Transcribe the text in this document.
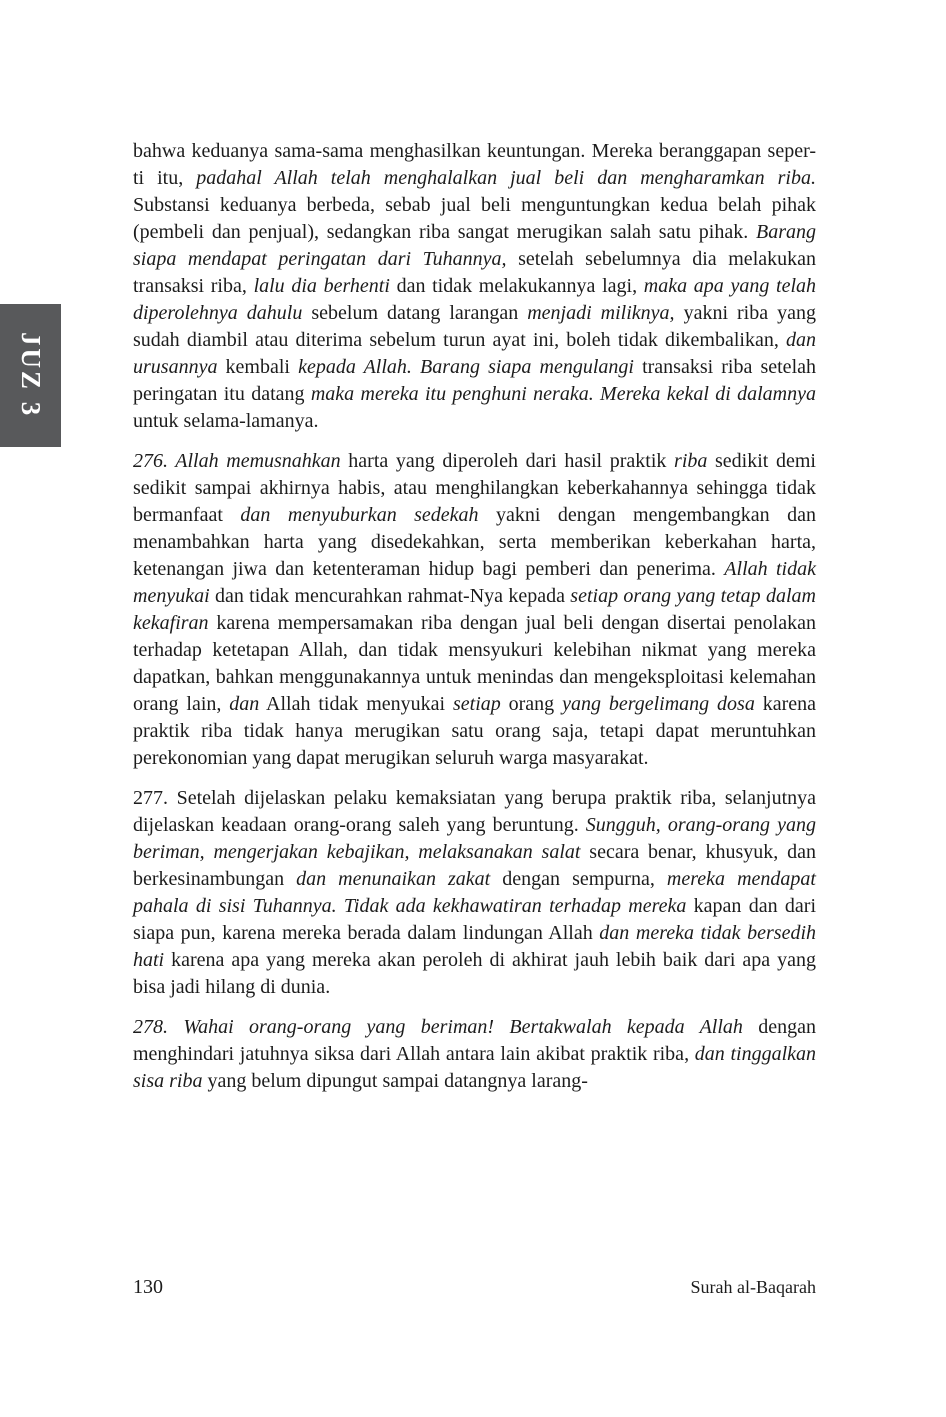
JUZ 3

bahwa keduanya sama-sama menghasilkan keuntungan. Mereka beranggapan seper-ti itu, padahal Allah telah menghalalkan jual beli dan mengharamkan riba. Substansi keduanya berbeda, sebab jual beli menguntungkan kedua belah pihak (pembeli dan penjual), sedangkan riba sangat merugikan salah satu pihak. Barang siapa mendapat peringatan dari Tuhannya, setelah sebelumnya dia melakukan transaksi riba, lalu dia berhenti dan tidak melakukannya lagi, maka apa yang telah diperolehnya dahulu sebelum datang larangan menjadi miliknya, yakni riba yang sudah diambil atau diterima sebelum turun ayat ini, boleh tidak dikembalikan, dan urusannya kembali kepada Allah. Barang siapa mengulangi transaksi riba setelah peringatan itu datang maka mereka itu penghuni neraka. Mereka kekal di dalamnya untuk selama-lamanya.

276. Allah memusnahkan harta yang diperoleh dari hasil praktik riba sedikit demi sedikit sampai akhirnya habis, atau menghilangkan keberkahannya sehingga tidak bermanfaat dan menyuburkan sedekah yakni dengan mengembangkan dan menambahkan harta yang disedekahkan, serta memberikan keberkahan harta, ketenangan jiwa dan ketenteraman hidup bagi pemberi dan penerima. Allah tidak menyukai dan tidak mencurahkan rahmat-Nya kepada setiap orang yang tetap dalam kekafiran karena mempersamakan riba dengan jual beli dengan disertai penolakan terhadap ketetapan Allah, dan tidak mensyukuri kelebihan nikmat yang mereka dapatkan, bahkan menggunakannya untuk menindas dan mengeksploitasi kelemahan orang lain, dan Allah tidak menyukai setiap orang yang bergelimang dosa karena praktik riba tidak hanya merugikan satu orang saja, tetapi dapat meruntuhkan perekonomian yang dapat merugikan seluruh warga masyarakat.

277. Setelah dijelaskan pelaku kemaksiatan yang berupa praktik riba, selanjutnya dijelaskan keadaan orang-orang saleh yang beruntung. Sungguh, orang-orang yang beriman, mengerjakan kebajikan, melaksanakan salat secara benar, khusyuk, dan berkesinambungan dan menunaikan zakat dengan sempurna, mereka mendapat pahala di sisi Tuhannya. Tidak ada kekhawatiran terhadap mereka kapan dan dari siapa pun, karena mereka berada dalam lindungan Allah dan mereka tidak bersedih hati karena apa yang mereka akan peroleh di akhirat jauh lebih baik dari apa yang bisa jadi hilang di dunia.

278. Wahai orang-orang yang beriman! Bertakwalah kepada Allah dengan menghindari jatuhnya siksa dari Allah antara lain akibat praktik riba, dan tinggalkan sisa riba yang belum dipungut sampai datangnya larang-

130	Surah al-Baqarah
